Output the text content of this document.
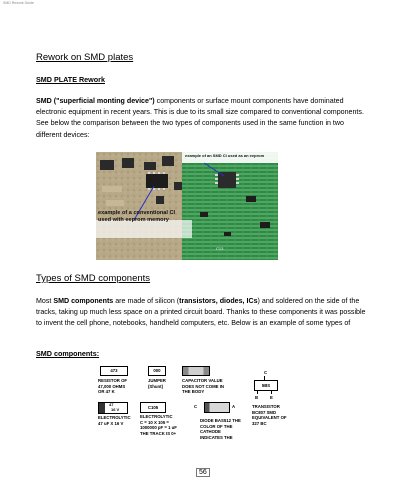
SMD Rework Guide
Rework on SMD plates
SMD PLATE Rework

SMD ("superficial monting device") components or surface mount components have dominated electronic equipment in recent years. This is due to its small size compared to conventional components. See below the comparison between the two types of components used in the same function in two different devices:

C13
example of a conventional CI
used with eeprom memory
example of an SMD CI used as an eeprom
Types of SMD components

Most SMD components are made of silicon (transistors, diodes, ICs) and soldered on the side of the tracks, taking up much less space on a printed circuit board. Thanks to these components it was possible to invent the cell phone, notebooks, handheld computers, etc. Below is an example of some types of

SMD components:
473
RESISTOR OF
47,000 OHMS
OR 47 K
000
JUMPER
(Shunt)
CAPACITOR VALUE
DOES NOT COME IN
THE BODY
C
5BS
B	E
TRANSISTOR
BC807 SMD
EQUIVALENT OF
327 BC
47
16 V
ELECTROLYTIC
47 uF X 16 V
C105
ELECTROLYTIC
C = 10 X 105 =
1000000 pF = 1 uF
THE TRACK IS 0+
C	A
DIODE BAS512 THE
COLOR OF THE
CATHODE
INDICATES THE
56
